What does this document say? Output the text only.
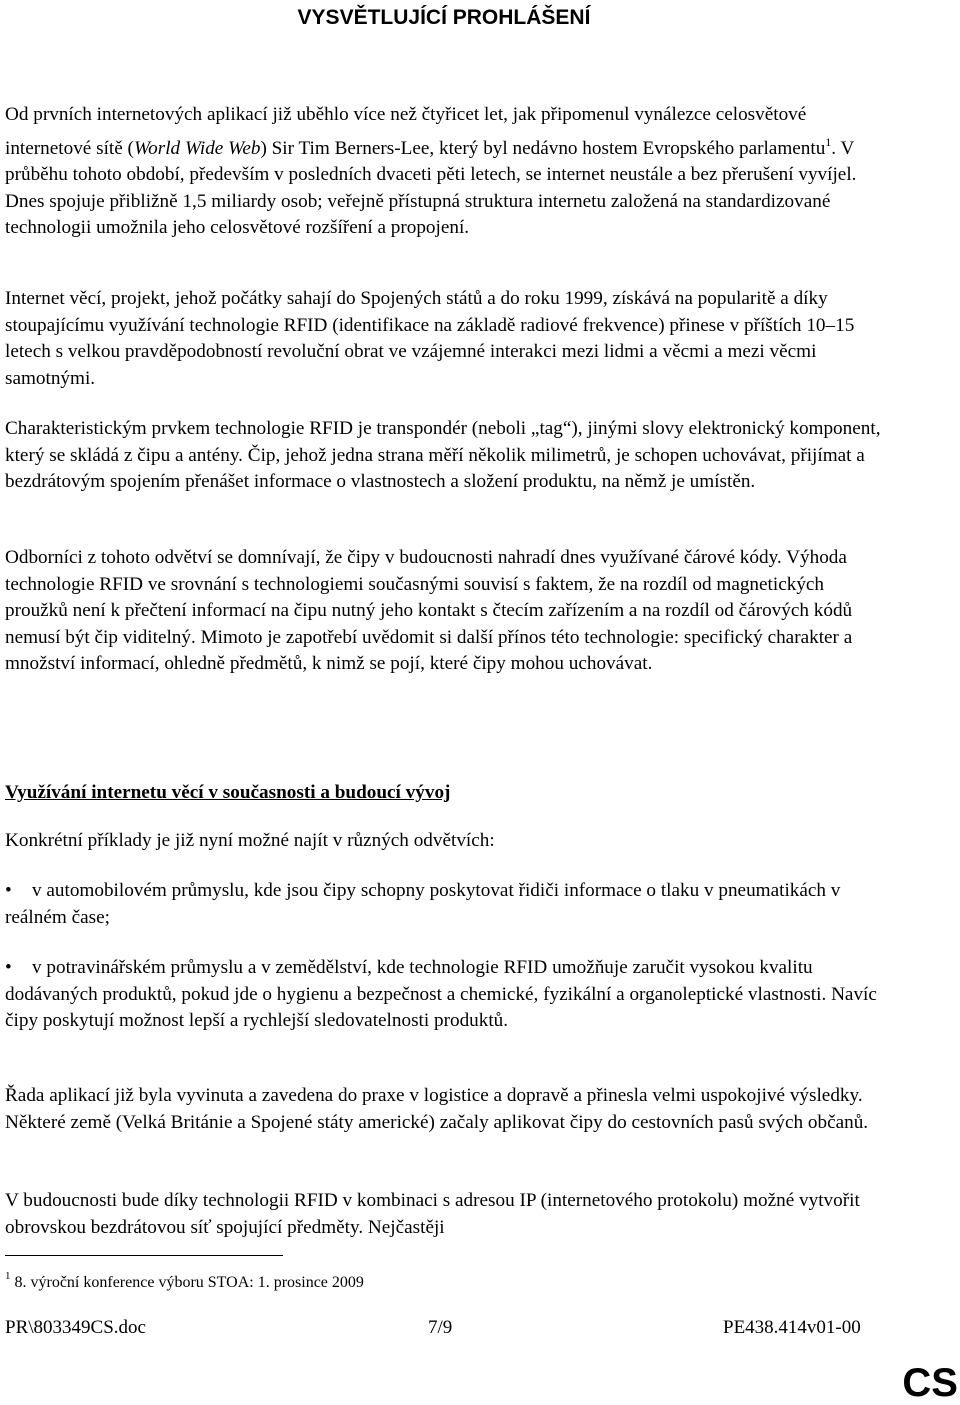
VYSVĚTLUJÍCÍ PROHLÁŠENÍ
Od prvních internetových aplikací již uběhlo více než čtyřicet let, jak připomenul vynálezce celosvětové internetové sítě (World Wide Web) Sir Tim Berners-Lee, který byl nedávno hostem Evropského parlamentu$^1$. V průběhu tohoto období, především v posledních dvaceti pěti letech, se internet neustále a bez přerušení vyvíjel. Dnes spojuje přibližně 1,5 miliardy osob; veřejně přístupná struktura internetu založená na standardizované technologii umožnila jeho celosvětové rozšíření a propojení.
Internet věcí, projekt, jehož počátky sahají do Spojených států a do roku 1999, získává na popularitě a díky stoupajícímu využívání technologie RFID (identifikace na základě radiové frekvence) přinese v příštích 10–15 letech s velkou pravděpodobností revoluční obrat ve vzájemné interakci mezi lidmi a věcmi a mezi věcmi samotnými.
Charakteristickým prvkem technologie RFID je transpondér (neboli „tag“), jinými slovy elektronický komponent, který se skládá z čipu a antény. Čip, jehož jedna strana měří několik milimetrů, je schopen uchovávat, přijímat a bezdrátovým spojením přenášet informace o vlastnostech a složení produktu, na němž je umístěn.
Odborníci z tohoto odvětví se domnívají, že čipy v budoucnosti nahradí dnes využívané čárové kódy. Výhoda technologie RFID ve srovnání s technologiemi současnými souvisí s faktem, že na rozdíl od magnetických proužků není k přečtení informací na čipu nutný jeho kontakt s čtecím zařízením a na rozdíl od čárových kódů nemusí být čip viditelný. Mimoto je zapotřebí uvědomit si další přínos této technologie: specifický charakter a množství informací, ohledně předmětů, k nimž se pojí, které čipy mohou uchovávat.
Využívání internetu věcí v současnosti a budoucí vývoj
Konkrétní příklady je již nyní možné najít v různých odvětvích:
• v automobilovém průmyslu, kde jsou čipy schopny poskytovat řidiči informace o tlaku v pneumatikách v reálném čase;
• v potravinářském průmyslu a v zemědělství, kde technologie RFID umožňuje zaručit vysokou kvalitu dodávaných produktů, pokud jde o hygienu a bezpečnost a chemické, fyzikální a organoleptické vlastnosti. Navíc čipy poskytují možnost lepší a rychlejší sledovatelnosti produktů.
Řada aplikací již byla vyvinuta a zavedena do praxe v logistice a dopravě a přinesla velmi uspokojivé výsledky. Některé země (Velká Británie a Spojené státy americké) začaly aplikovat čipy do cestovních pasů svých občanů.
V budoucnosti bude díky technologii RFID v kombinaci s adresou IP (internetového protokolu) možné vytvořit obrovskou bezdrátovou síť spojující předměty. Nejčastěji
$^1$ 8. výroční konference výboru STOA: 1. prosince 2009
PR\803349CS.doc	7/9	PE438.414v01-00
CS
